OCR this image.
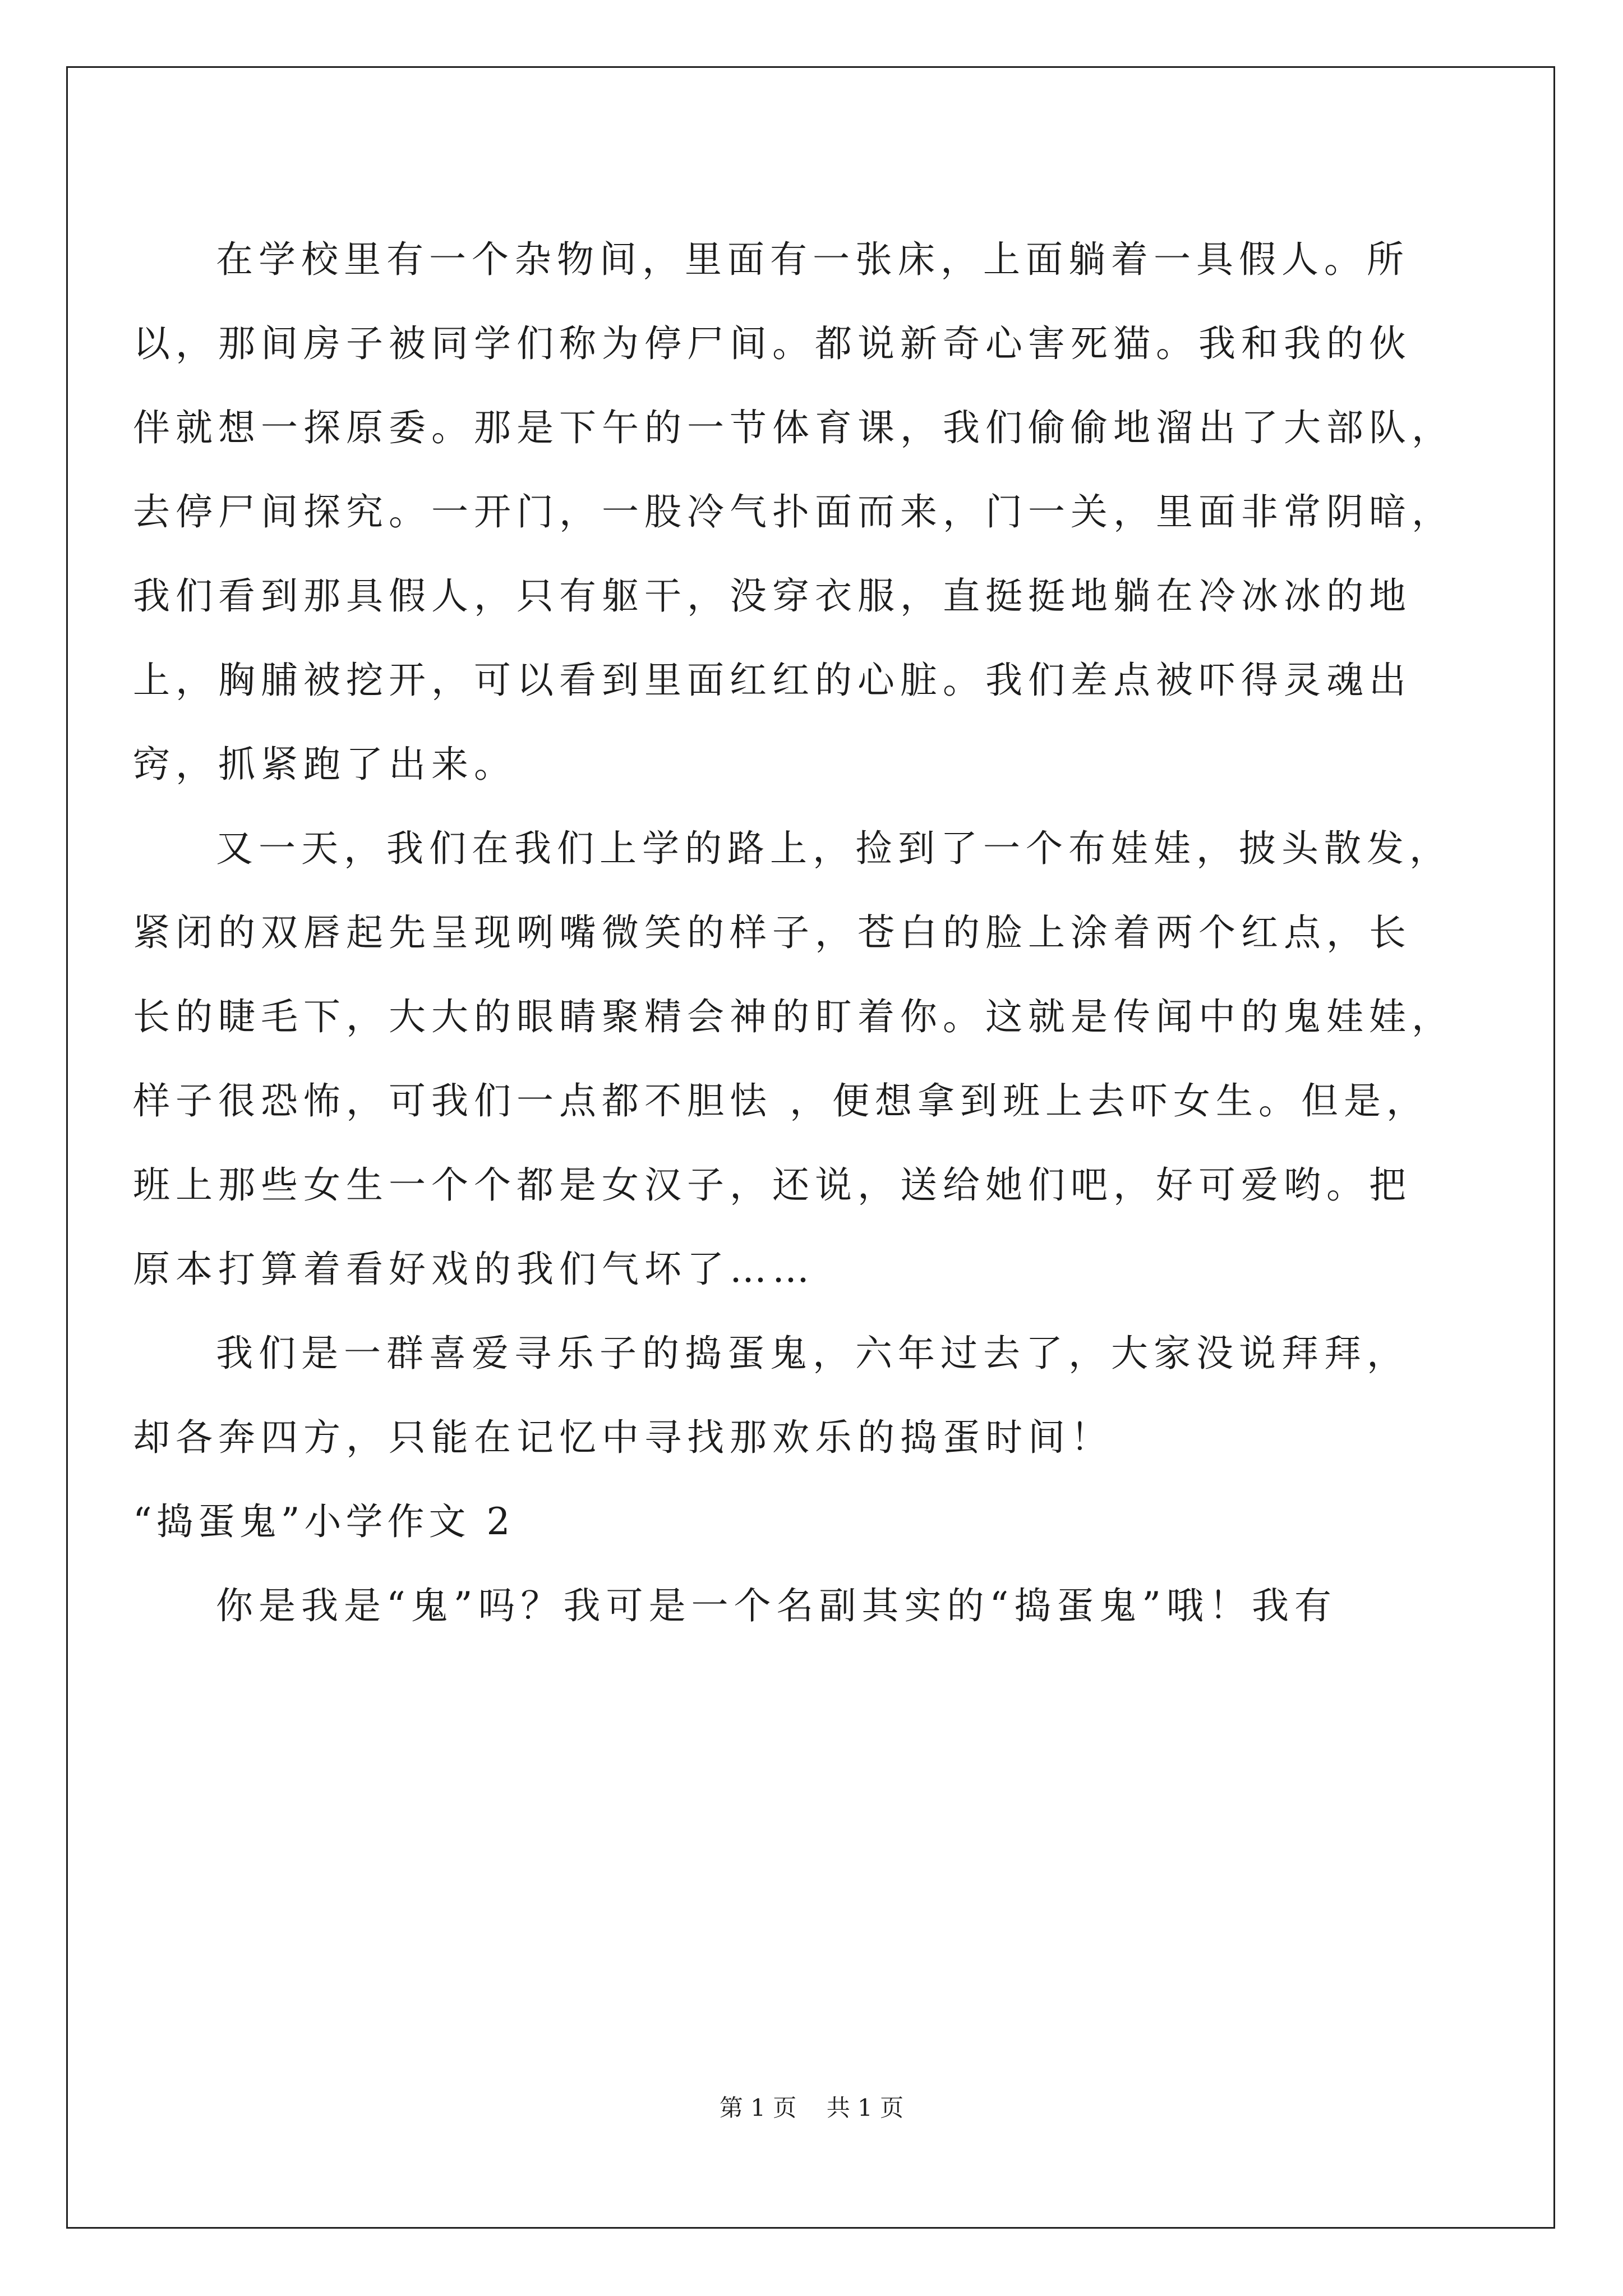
在学校里有一个杂物间，里面有一张床，上面躺着一具假人。所
以，那间房子被同学们称为停尸间。都说新奇心害死猫。我和我的伙
伴就想一探原委。那是下午的一节体育课，我们偷偷地溜出了大部队，
去停尸间探究。一开门，一股冷气扑面而来，门一关，里面非常阴暗，
我们看到那具假人，只有躯干，没穿衣服，直挺挺地躺在冷冰冰的地
上，胸脯被挖开，可以看到里面红红的心脏。我们差点被吓得灵魂出
窍，抓紧跑了出来。
又一天，我们在我们上学的路上，捡到了一个布娃娃，披头散发，
紧闭的双唇起先呈现咧嘴微笑的样子，苍白的脸上涂着两个红点，长
长的睫毛下，大大的眼睛聚精会神的盯着你。这就是传闻中的鬼娃娃，
样子很恐怖，可我们一点都不胆怯 ，便想拿到班上去吓女生。但是，
班上那些女生一个个都是女汉子，还说，送给她们吧，好可爱哟。把
原本打算着看好戏的我们气坏了……
我们是一群喜爱寻乐子的捣蛋鬼，六年过去了，大家没说拜拜，
却各奔四方，只能在记忆中寻找那欢乐的捣蛋时间！
“捣蛋鬼”小学作文 2
你是我是“鬼”吗？我可是一个名副其实的“捣蛋鬼”哦！我有
第 1 页 共 1 页
